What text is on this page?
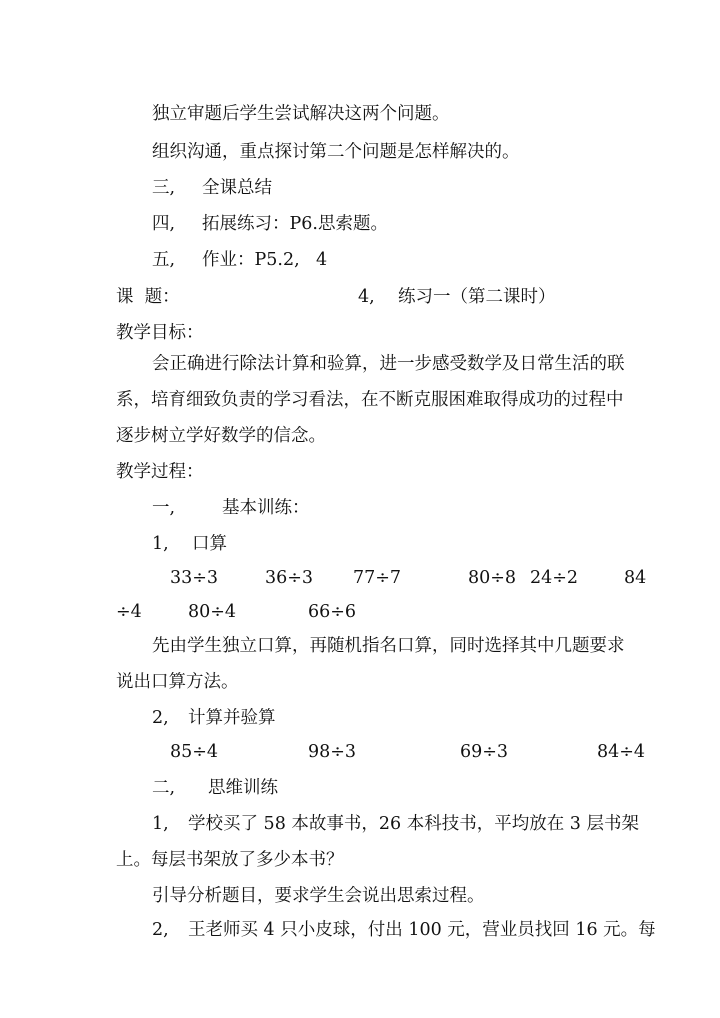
独立审题后学生尝试解决这两个问题。
组织沟通，重点探讨第二个问题是怎样解决的。
三, 全课总结
四, 拓展练习：P6.思索题。
五, 作业：P5.2, 4
课  题：	4, 练习一（第二课时）
教学目标：
会正确进行除法计算和验算，进一步感受数学及日常生活的联
系，培育细致负责的学习看法，在不断克服困难取得成功的过程中
逐步树立学好数学的信念。
教学过程：
一,	基本训练：
1, 口算
33÷3	36÷3 77÷7	80÷8 24÷2	84
÷4	80÷4	66÷6
先由学生独立口算，再随机指名口算，同时选择其中几题要求
说出口算方法。
2, 计算并验算
85÷4	98÷3	69÷3	84÷4
二, 思维训练
1, 学校买了 58 本故事书，26 本科技书，平均放在 3 层书架
上。每层书架放了多少本书？
引导分析题目，要求学生会说出思索过程。
2, 王老师买 4 只小皮球，付出 100 元，营业员找回 16 元。每
